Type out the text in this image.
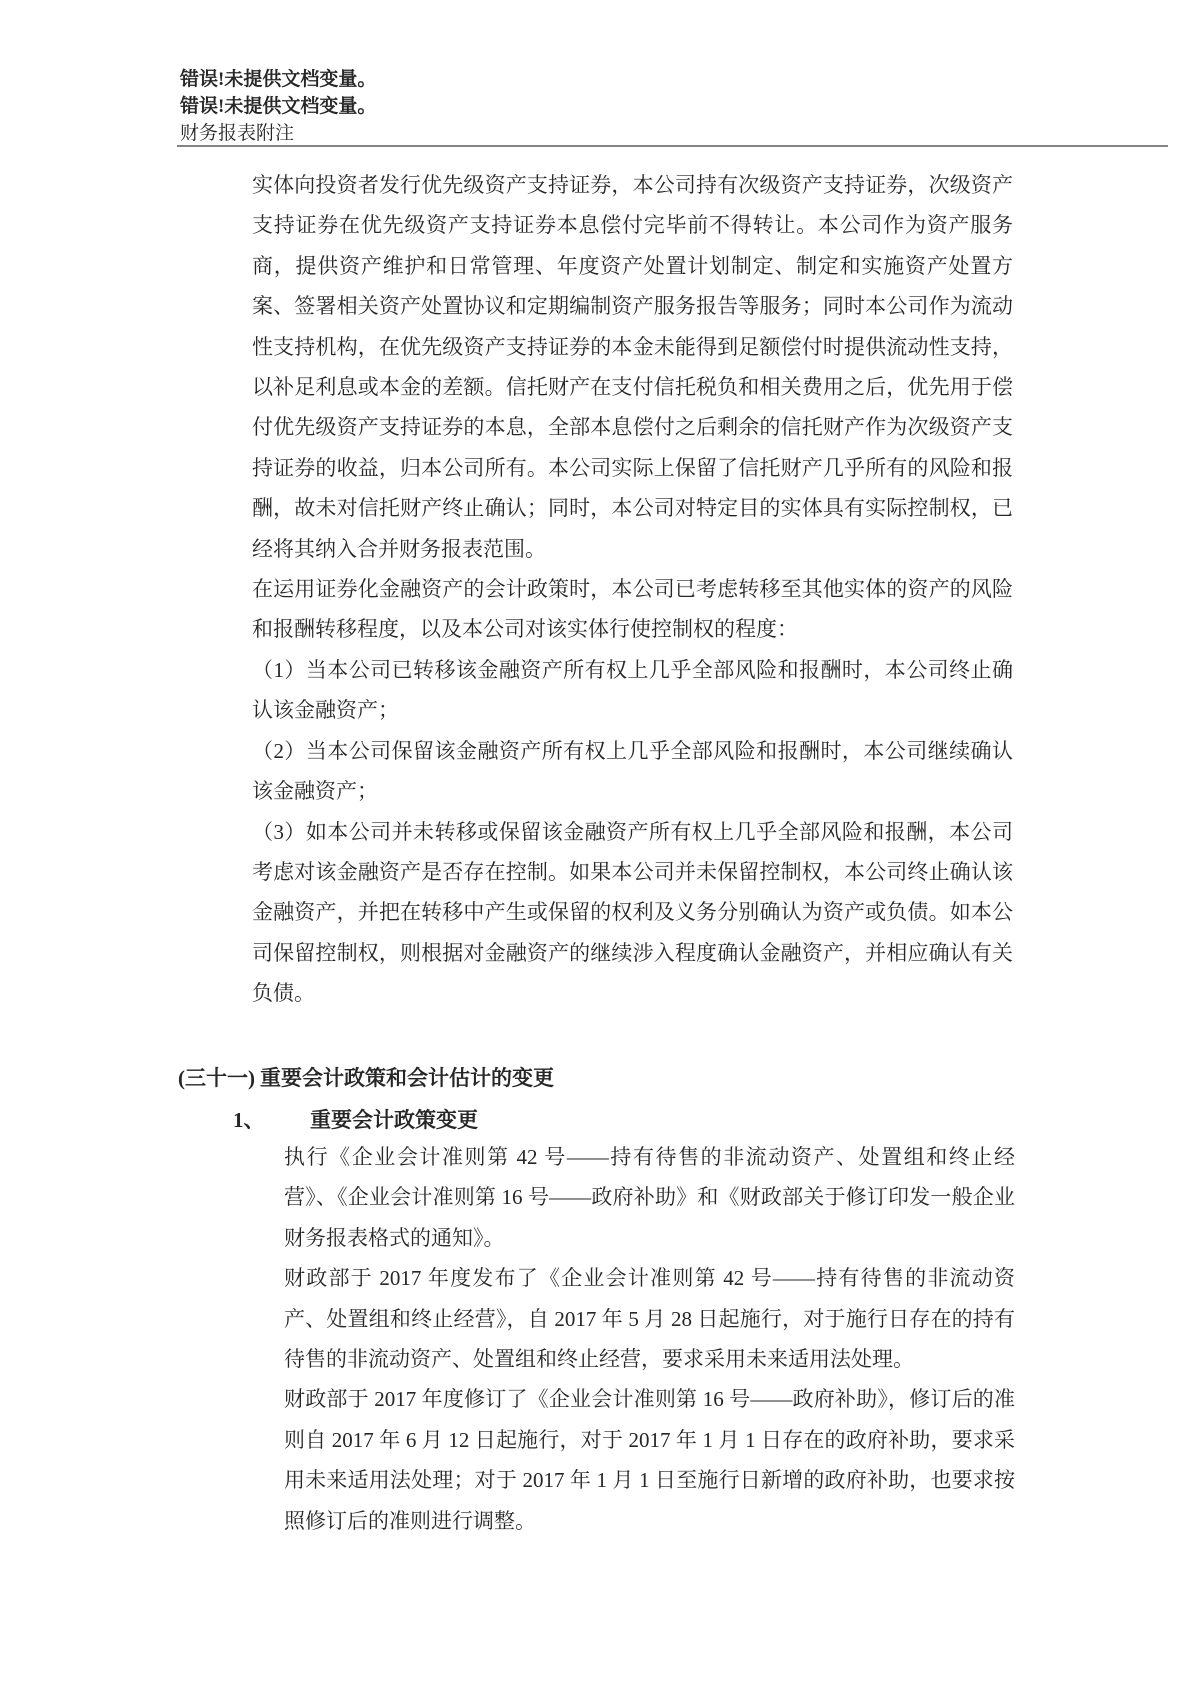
错误!未提供文档变量。
错误!未提供文档变量。
财务报表附注

实体向投资者发行优先级资产支持证券，本公司持有次级资产支持证券，次级资产支持证券在优先级资产支持证券本息偿付完毕前不得转让。本公司作为资产服务商，提供资产维护和日常管理、年度资产处置计划制定、制定和实施资产处置方案、签署相关资产处置协议和定期编制资产服务报告等服务；同时本公司作为流动性支持机构，在优先级资产支持证券的本金未能得到足额偿付时提供流动性支持，以补足利息或本金的差额。信托财产在支付信托税负和相关费用之后，优先用于偿付优先级资产支持证券的本息，全部本息偿付之后剩余的信托财产作为次级资产支持证券的收益，归本公司所有。本公司实际上保留了信托财产几乎所有的风险和报酬，故未对信托财产终止确认；同时，本公司对特定目的实体具有实际控制权，已经将其纳入合并财务报表范围。

在运用证券化金融资产的会计政策时，本公司已考虑转移至其他实体的资产的风险和报酬转移程度，以及本公司对该实体行使控制权的程度：

（1）当本公司已转移该金融资产所有权上几乎全部风险和报酬时，本公司终止确认该金融资产；

（2）当本公司保留该金融资产所有权上几乎全部风险和报酬时，本公司继续确认该金融资产；

（3）如本公司并未转移或保留该金融资产所有权上几乎全部风险和报酬，本公司考虑对该金融资产是否存在控制。如果本公司并未保留控制权，本公司终止确认该金融资产，并把在转移中产生或保留的权利及义务分别确认为资产或负债。如本公司保留控制权，则根据对金融资产的继续涉入程度确认金融资产，并相应确认有关负债。

(三十一) 重要会计政策和会计估计的变更
1、 重要会计政策变更

执行《企业会计准则第 42 号——持有待售的非流动资产、处置组和终止经营》、《企业会计准则第 16 号——政府补助》和《财政部关于修订印发一般企业财务报表格式的通知》。

财政部于 2017 年度发布了《企业会计准则第 42 号——持有待售的非流动资产、处置组和终止经营》，自 2017 年 5 月 28 日起施行，对于施行日存在的持有待售的非流动资产、处置组和终止经营，要求采用未来适用法处理。

财政部于 2017 年度修订了《企业会计准则第 16 号——政府补助》，修订后的准则自 2017 年 6 月 12 日起施行，对于 2017 年 1 月 1 日存在的政府补助，要求采用未来适用法处理；对于 2017 年 1 月 1 日至施行日新增的政府补助，也要求按照修订后的准则进行调整。
